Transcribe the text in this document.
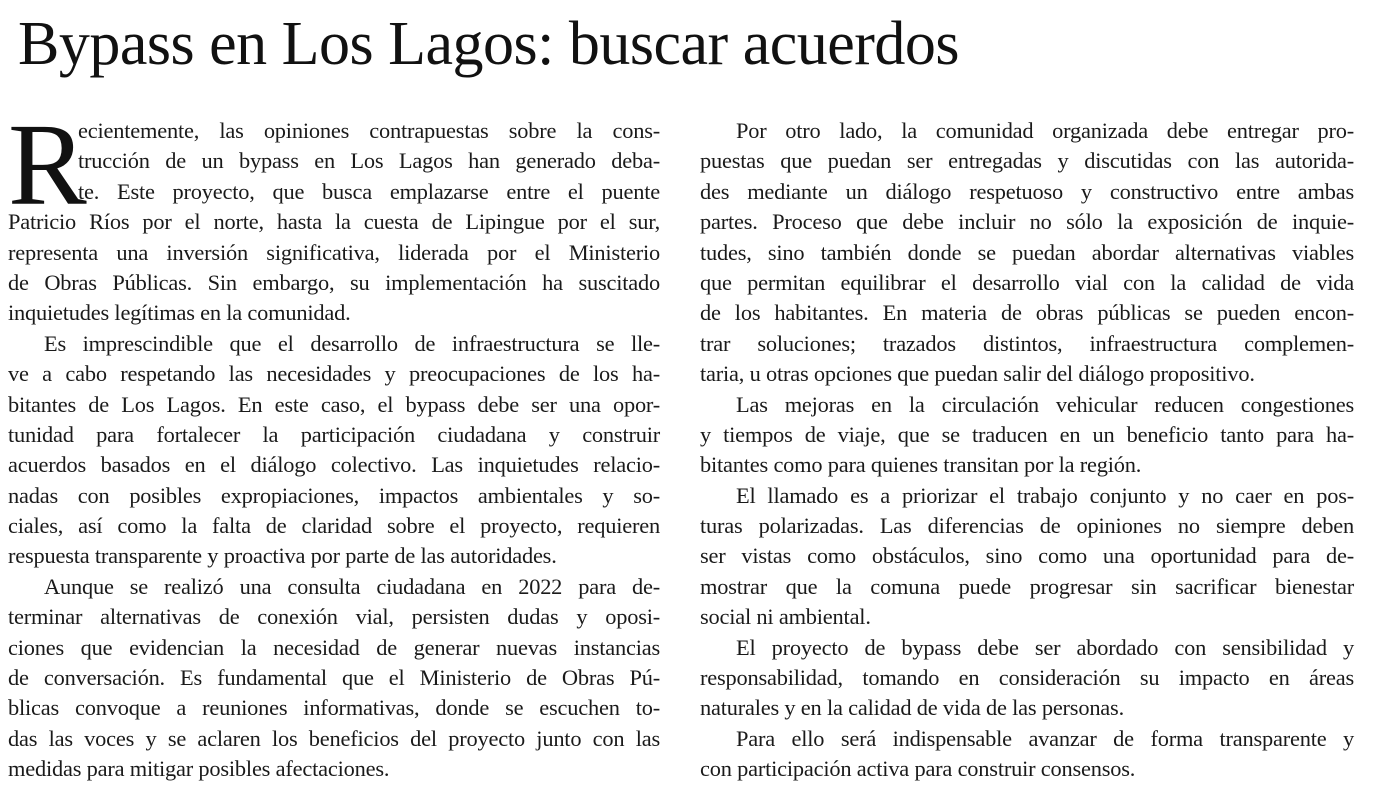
Bypass en Los Lagos: buscar acuerdos
R
ecientemente, las opiniones contrapuestas sobre la cons-
trucción de un bypass en Los Lagos han generado deba-
te. Este proyecto, que busca emplazarse entre el puente
Patricio Ríos por el norte, hasta la cuesta de Lipingue por el sur,
representa una inversión significativa, liderada por el Ministerio
de Obras Públicas. Sin embargo, su implementación ha suscitado
inquietudes legítimas en la comunidad.
Es imprescindible que el desarrollo de infraestructura se lle-
ve a cabo respetando las necesidades y preocupaciones de los ha-
bitantes de Los Lagos. En este caso, el bypass debe ser una opor-
tunidad para fortalecer la participación ciudadana y construir
acuerdos basados en el diálogo colectivo. Las inquietudes relacio-
nadas con posibles expropiaciones, impactos ambientales y so-
ciales, así como la falta de claridad sobre el proyecto, requieren
respuesta transparente y proactiva por parte de las autoridades.
Aunque se realizó una consulta ciudadana en 2022 para de-
terminar alternativas de conexión vial, persisten dudas y oposi-
ciones que evidencian la necesidad de generar nuevas instancias
de conversación. Es fundamental que el Ministerio de Obras Pú-
blicas convoque a reuniones informativas, donde se escuchen to-
das las voces y se aclaren los beneficios del proyecto junto con las
medidas para mitigar posibles afectaciones.
Por otro lado, la comunidad organizada debe entregar pro-
puestas que puedan ser entregadas y discutidas con las autorida-
des mediante un diálogo respetuoso y constructivo entre ambas
partes. Proceso que debe incluir no sólo la exposición de inquie-
tudes, sino también donde se puedan abordar alternativas viables
que permitan equilibrar el desarrollo vial con la calidad de vida
de los habitantes. En materia de obras públicas se pueden encon-
trar soluciones; trazados distintos, infraestructura complemen-
taria, u otras opciones que puedan salir del diálogo propositivo.
Las mejoras en la circulación vehicular reducen congestiones
y tiempos de viaje, que se traducen en un beneficio tanto para ha-
bitantes como para quienes transitan por la región.
El llamado es a priorizar el trabajo conjunto y no caer en pos-
turas polarizadas. Las diferencias de opiniones no siempre deben
ser vistas como obstáculos, sino como una oportunidad para de-
mostrar que la comuna puede progresar sin sacrificar bienestar
social ni ambiental.
El proyecto de bypass debe ser abordado con sensibilidad y
responsabilidad, tomando en consideración su impacto en áreas
naturales y en la calidad de vida de las personas.
Para ello será indispensable avanzar de forma transparente y
con participación activa para construir consensos.
